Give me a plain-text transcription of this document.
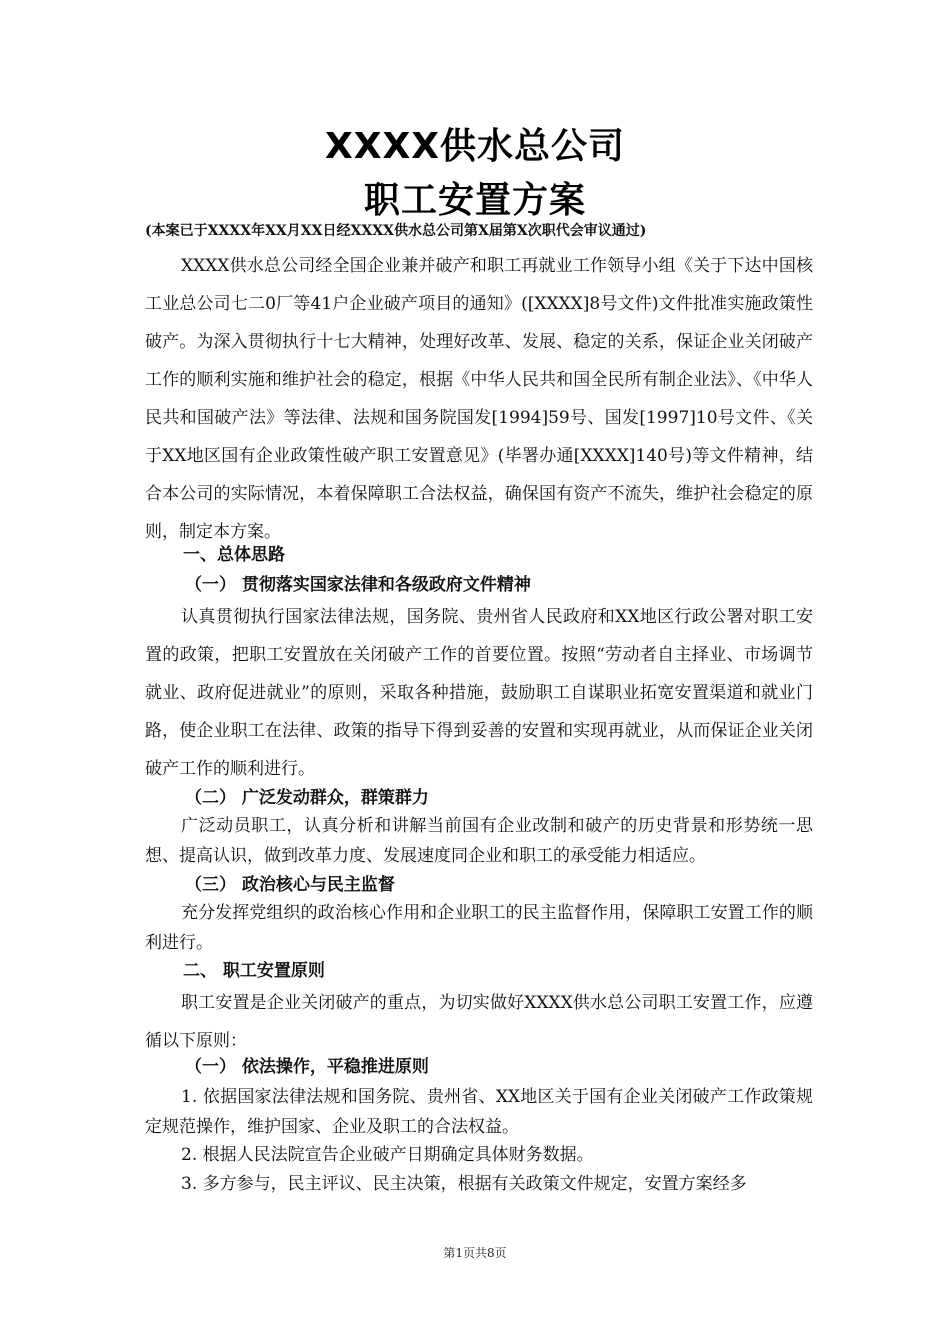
XXXX供水总公司
职工安置方案
(本案已于XXXX年XX月XX日经XXXX供水总公司第X届第X次职代会审议通过)
XXXX供水总公司经全国企业兼并破产和职工再就业工作领导小组《关于下达中国核工业总公司七二0厂等41户企业破产项目的通知》([XXXX]8号文件)文件批准实施政策性破产。为深入贯彻执行十七大精神，处理好改革、发展、稳定的关系，保证企业关闭破产工作的顺利实施和维护社会的稳定，根据《中华人民共和国全民所有制企业法》、《中华人民共和国破产法》等法律、法规和国务院国发[1994]59号、国发[1997]10号文件、《关于XX地区国有企业政策性破产职工安置意见》(毕署办通[XXXX]140号)等文件精神，结合本公司的实际情况，本着保障职工合法权益，确保国有资产不流失，维护社会稳定的原则，制定本方案。
一、总体思路
（一） 贯彻落实国家法律和各级政府文件精神
认真贯彻执行国家法律法规，国务院、贵州省人民政府和XX地区行政公署对职工安置的政策，把职工安置放在关闭破产工作的首要位置。按照“劳动者自主择业、市场调节就业、政府促进就业”的原则，采取各种措施，鼓励职工自谋职业拓宽安置渠道和就业门路，使企业职工在法律、政策的指导下得到妥善的安置和实现再就业，从而保证企业关闭破产工作的顺利进行。
（二） 广泛发动群众，群策群力
广泛动员职工，认真分析和讲解当前国有企业改制和破产的历史背景和形势统一思想、提高认识，做到改革力度、发展速度同企业和职工的承受能力相适应。
（三） 政治核心与民主监督
充分发挥党组织的政治核心作用和企业职工的民主监督作用，保障职工安置工作的顺利进行。
二、 职工安置原则
职工安置是企业关闭破产的重点，为切实做好XXXX供水总公司职工安置工作，应遵循以下原则：
（一） 依法操作，平稳推进原则
1. 依据国家法律法规和国务院、贵州省、XX地区关于国有企业关闭破产工作政策规定规范操作，维护国家、企业及职工的合法权益。
2. 根据人民法院宣告企业破产日期确定具体财务数据。
3. 多方参与，民主评议、民主决策，根据有关政策文件规定，安置方案经多
第1页共8页
